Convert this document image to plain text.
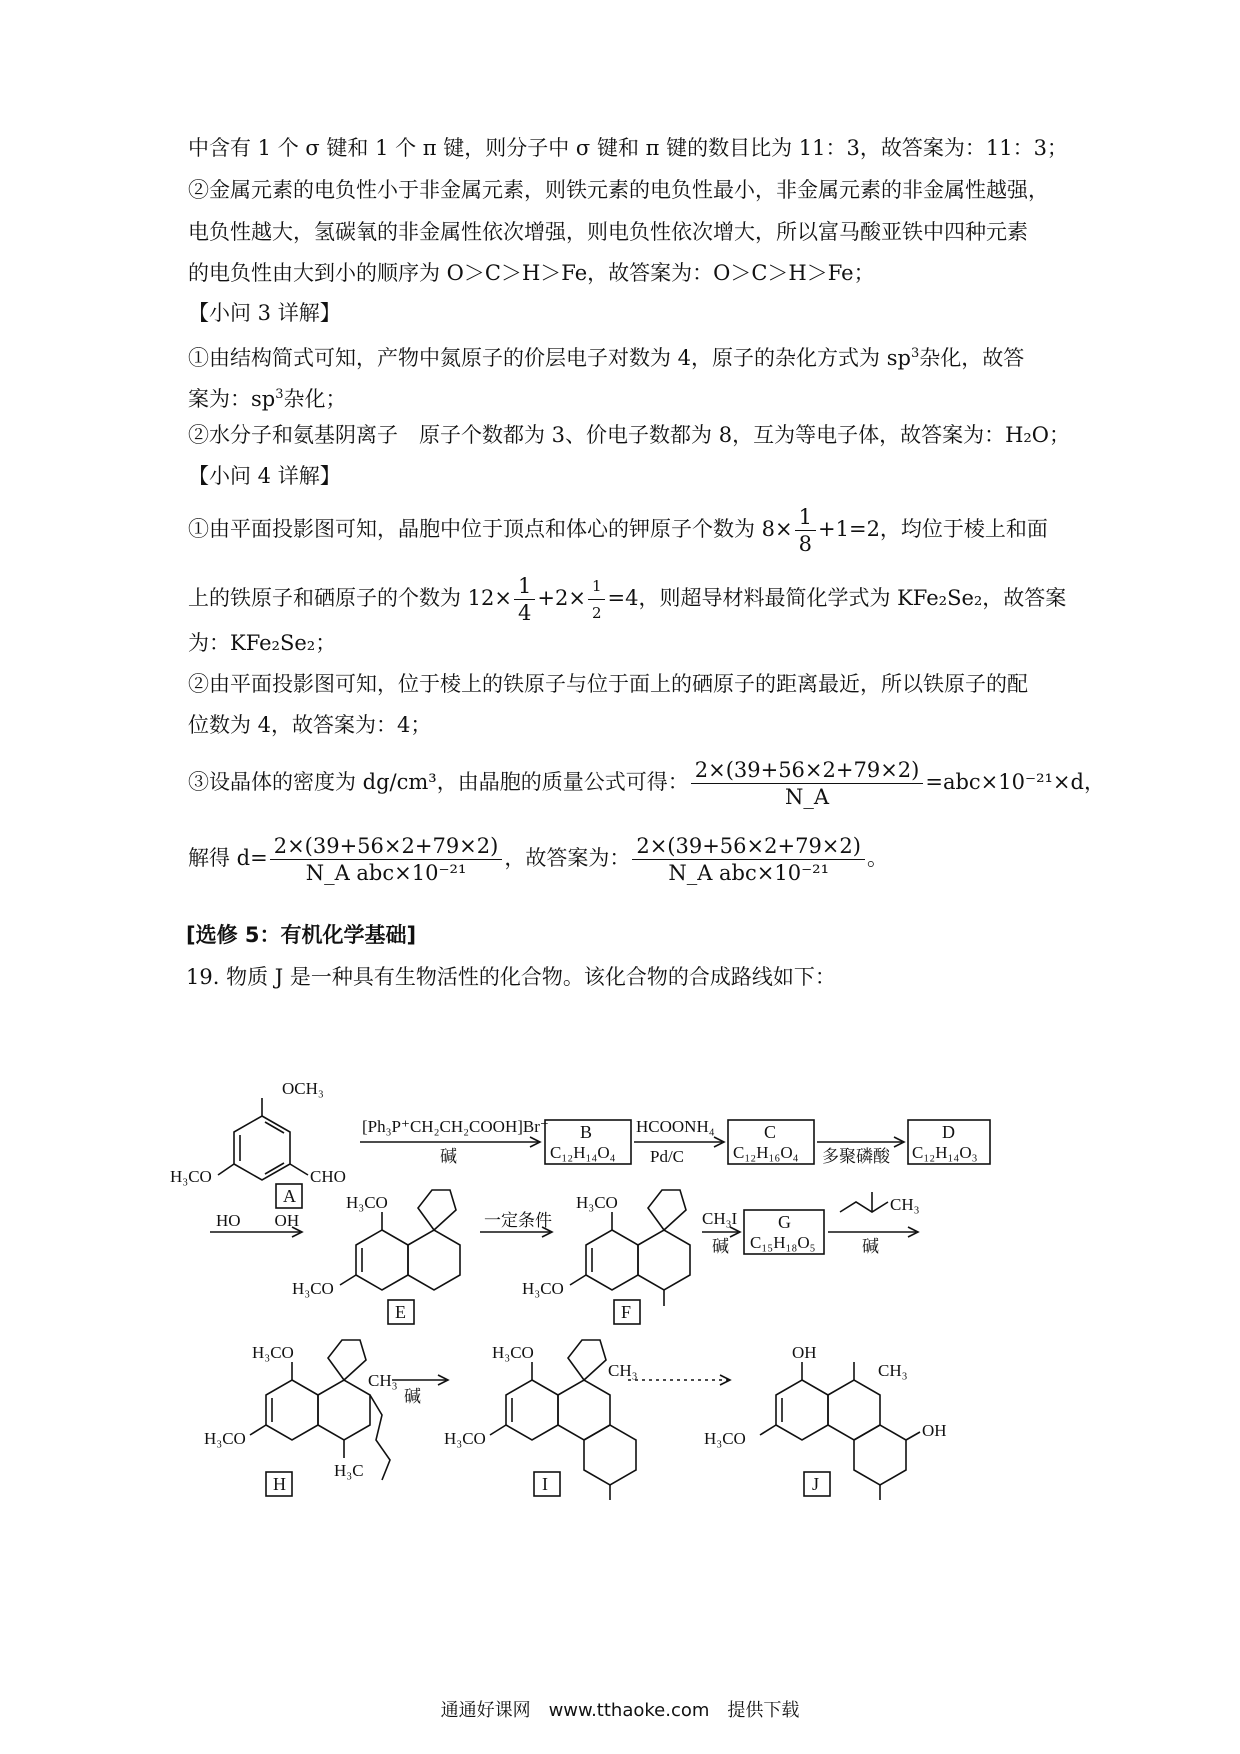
中含有 1 个 σ 键和 1 个 π 键，则分子中 σ 键和 π 键的数目比为 11：3，故答案为：11：3；
②金属元素的电负性小于非金属元素，则铁元素的电负性最小，非金属元素的非金属性越强，
电负性越大，氢碳氧的非金属性依次增强，则电负性依次增大，所以富马酸亚铁中四种元素
的电负性由大到小的顺序为 O＞C＞H＞Fe，故答案为：O＞C＞H＞Fe；
【小问 3 详解】
①由结构简式可知，产物中氮原子的价层电子对数为 4，原子的杂化方式为 $sp^3$杂化，故答
案为：$sp^3$杂化；
②水分子和氨基阴离子　原子个数都为 3、价电子数都为 8，互为等电子体，故答案为：H₂O；
【小问 4 详解】
①由平面投影图可知，晶胞中位于顶点和体心的钾原子个数为 $8\times \frac{1}{8} +1=2$，均位于棱上和面
上的铁原子和硒原子的个数为 $12\times \frac{1}{4} +2\times \frac{1}{2} =4$，则超导材料最简化学式为 KFe₂Se₂，故答案
为：KFe₂Se₂；
②由平面投影图可知，位于棱上的铁原子与位于面上的硒原子的距离最近，所以铁原子的配
位数为 4，故答案为：4；
③设晶体的密度为 dg/cm³，由晶胞的质量公式可得： $\frac{2\times(39+56\times 2+79\times 2)}{N\_A} =abc\times 10^{-21}\times d$，
解得 $d= \frac{2\times(39+56\times 2+79\times 2)}{\text{N\_A abc×10⁻²¹}}$ ，故答案为： $\frac{2\times(39+56\times 2+79\times 2)}{\text{N\_A abc×10⁻²¹}}$ 。
[选修 5：有机化学基础]
19. 物质 J 是一种具有生物活性的化合物。该化合物的合成路线如下：
OCH₃
H₃CO	CHO
A
[Ph₃P⁺CH₂CH₂COOH]Br⁻
碱
B
C₁₂H₁₄O₄
HCOONH₄
Pd/C
C
C₁₂H₁₆O₄ 多聚磷酸
D
C₁₂H₁₄O₃
HO　　OH
H₃CO
H₃CO
E
一定条件
H₃CO
H₃CO
F
CH₃I
碱
G
C₁₅H₁₈O₅
CH₃
碱
H₃CO
H₃CO
CH₃
H₃C
H
碱
H₃CO
H₃CO
CH₃
I
OH
H₃CO
CH₃
OH
J
通通好课网　www.tthaoke.com　提供下载
